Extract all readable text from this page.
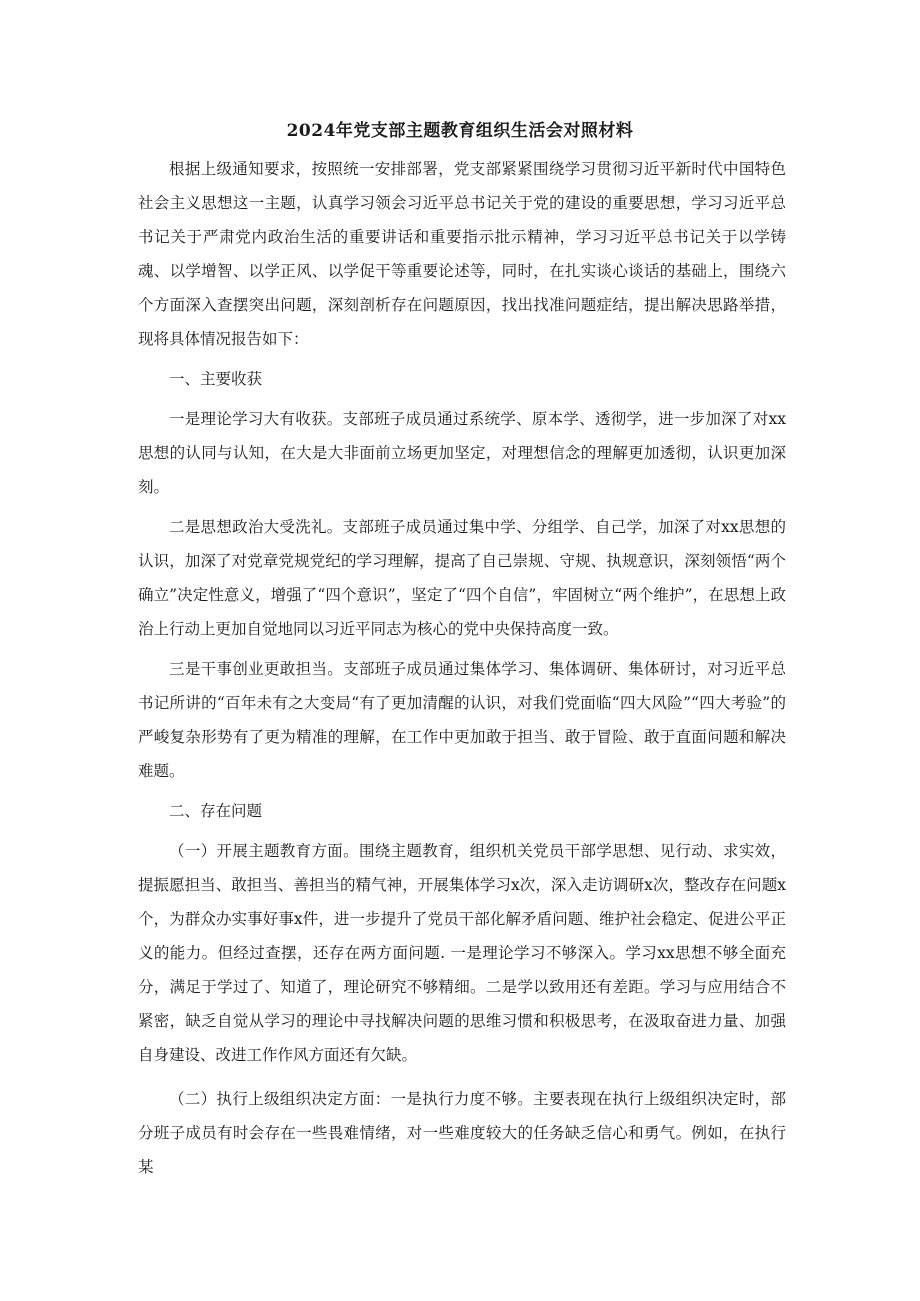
2024年党支部主题教育组织生活会对照材料

根据上级通知要求，按照统一安排部署，党支部紧紧围绕学习贯彻习近平新时代中国特色社会主义思想这一主题，认真学习领会习近平总书记关于党的建设的重要思想，学习习近平总书记关于严肃党内政治生活的重要讲话和重要指示批示精神，学习习近平总书记关于以学铸魂、以学增智、以学正风、以学促干等重要论述等，同时，在扎实谈心谈话的基础上，围绕六个方面深入查摆突出问题，深刻剖析存在问题原因，找出找准问题症结，提出解决思路举措，现将具体情况报告如下：

一、主要收获

一是理论学习大有收获。支部班子成员通过系统学、原本学、透彻学，进一步加深了对xx思想的认同与认知，在大是大非面前立场更加坚定，对理想信念的理解更加透彻，认识更加深刻。

二是思想政治大受洗礼。支部班子成员通过集中学、分组学、自己学，加深了对xx思想的认识，加深了对党章党规党纪的学习理解，提高了自己崇规、守规、执规意识，深刻领悟“两个确立”决定性意义，增强了“四个意识”，坚定了“四个自信”，牢固树立“两个维护”，在思想上政治上行动上更加自觉地同以习近平同志为核心的党中央保持高度一致。

三是干事创业更敢担当。支部班子成员通过集体学习、集体调研、集体研讨，对习近平总书记所讲的“百年未有之大变局“有了更加清醒的认识，对我们党面临“四大风险”“四大考验”的严峻复杂形势有了更为精准的理解，在工作中更加敢于担当、敢于冒险、敢于直面问题和解决难题。

二、存在问题

（一）开展主题教育方面。围绕主题教育，组织机关党员干部学思想、见行动、求实效，提振愿担当、敢担当、善担当的精气神，开展集体学习x次，深入走访调研x次，整改存在问题x个，为群众办实事好事x件，进一步提升了党员干部化解矛盾问题、维护社会稳定、促进公平正义的能力。但经过查摆，还存在两方面问题. 一是理论学习不够深入。学习xx思想不够全面充分，满足于学过了、知道了，理论研究不够精细。二是学以致用还有差距。学习与应用结合不紧密，缺乏自觉从学习的理论中寻找解决问题的思维习惯和积极思考，在汲取奋进力量、加强自身建设、改进工作作风方面还有欠缺。

（二）执行上级组织决定方面：一是执行力度不够。主要表现在执行上级组织决定时，部分班子成员有时会存在一些畏难情绪，对一些难度较大的任务缺乏信心和勇气。例如，在执行某
